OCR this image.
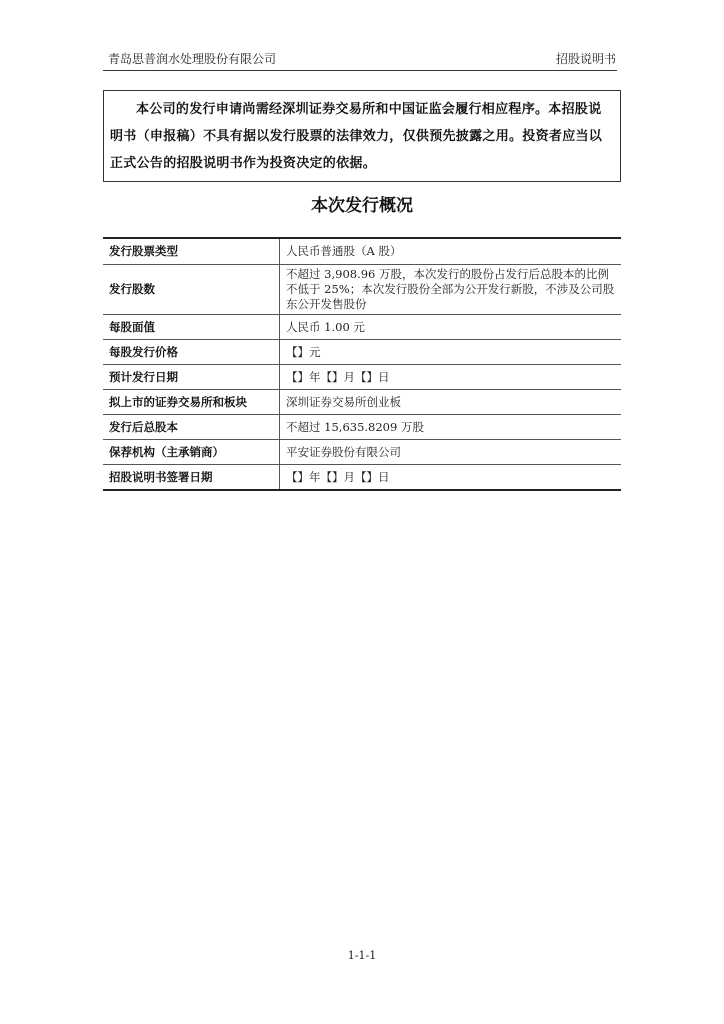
青岛思普润水处理股份有限公司	招股说明书

本公司的发行申请尚需经深圳证券交易所和中国证监会履行相应程序。本招股说明书（申报稿）不具有据以发行股票的法律效力，仅供预先披露之用。投资者应当以正式公告的招股说明书作为投资决定的依据。

本次发行概况
发行股票类型	人民币普通股（A 股）
发行股数	不超过 3,908.96 万股，本次发行的股份占发行后总股本的比例不低于 25%；本次发行股份全部为公开发行新股，不涉及公司股东公开发售股份
每股面值	人民币 1.00 元
每股发行价格	【】元
预计发行日期	【】年【】月【】日
拟上市的证券交易所和板块	深圳证券交易所创业板
发行后总股本	不超过 15,635.8209 万股
保荐机构（主承销商）	平安证券股份有限公司
招股说明书签署日期	【】年【】月【】日
1-1-1
